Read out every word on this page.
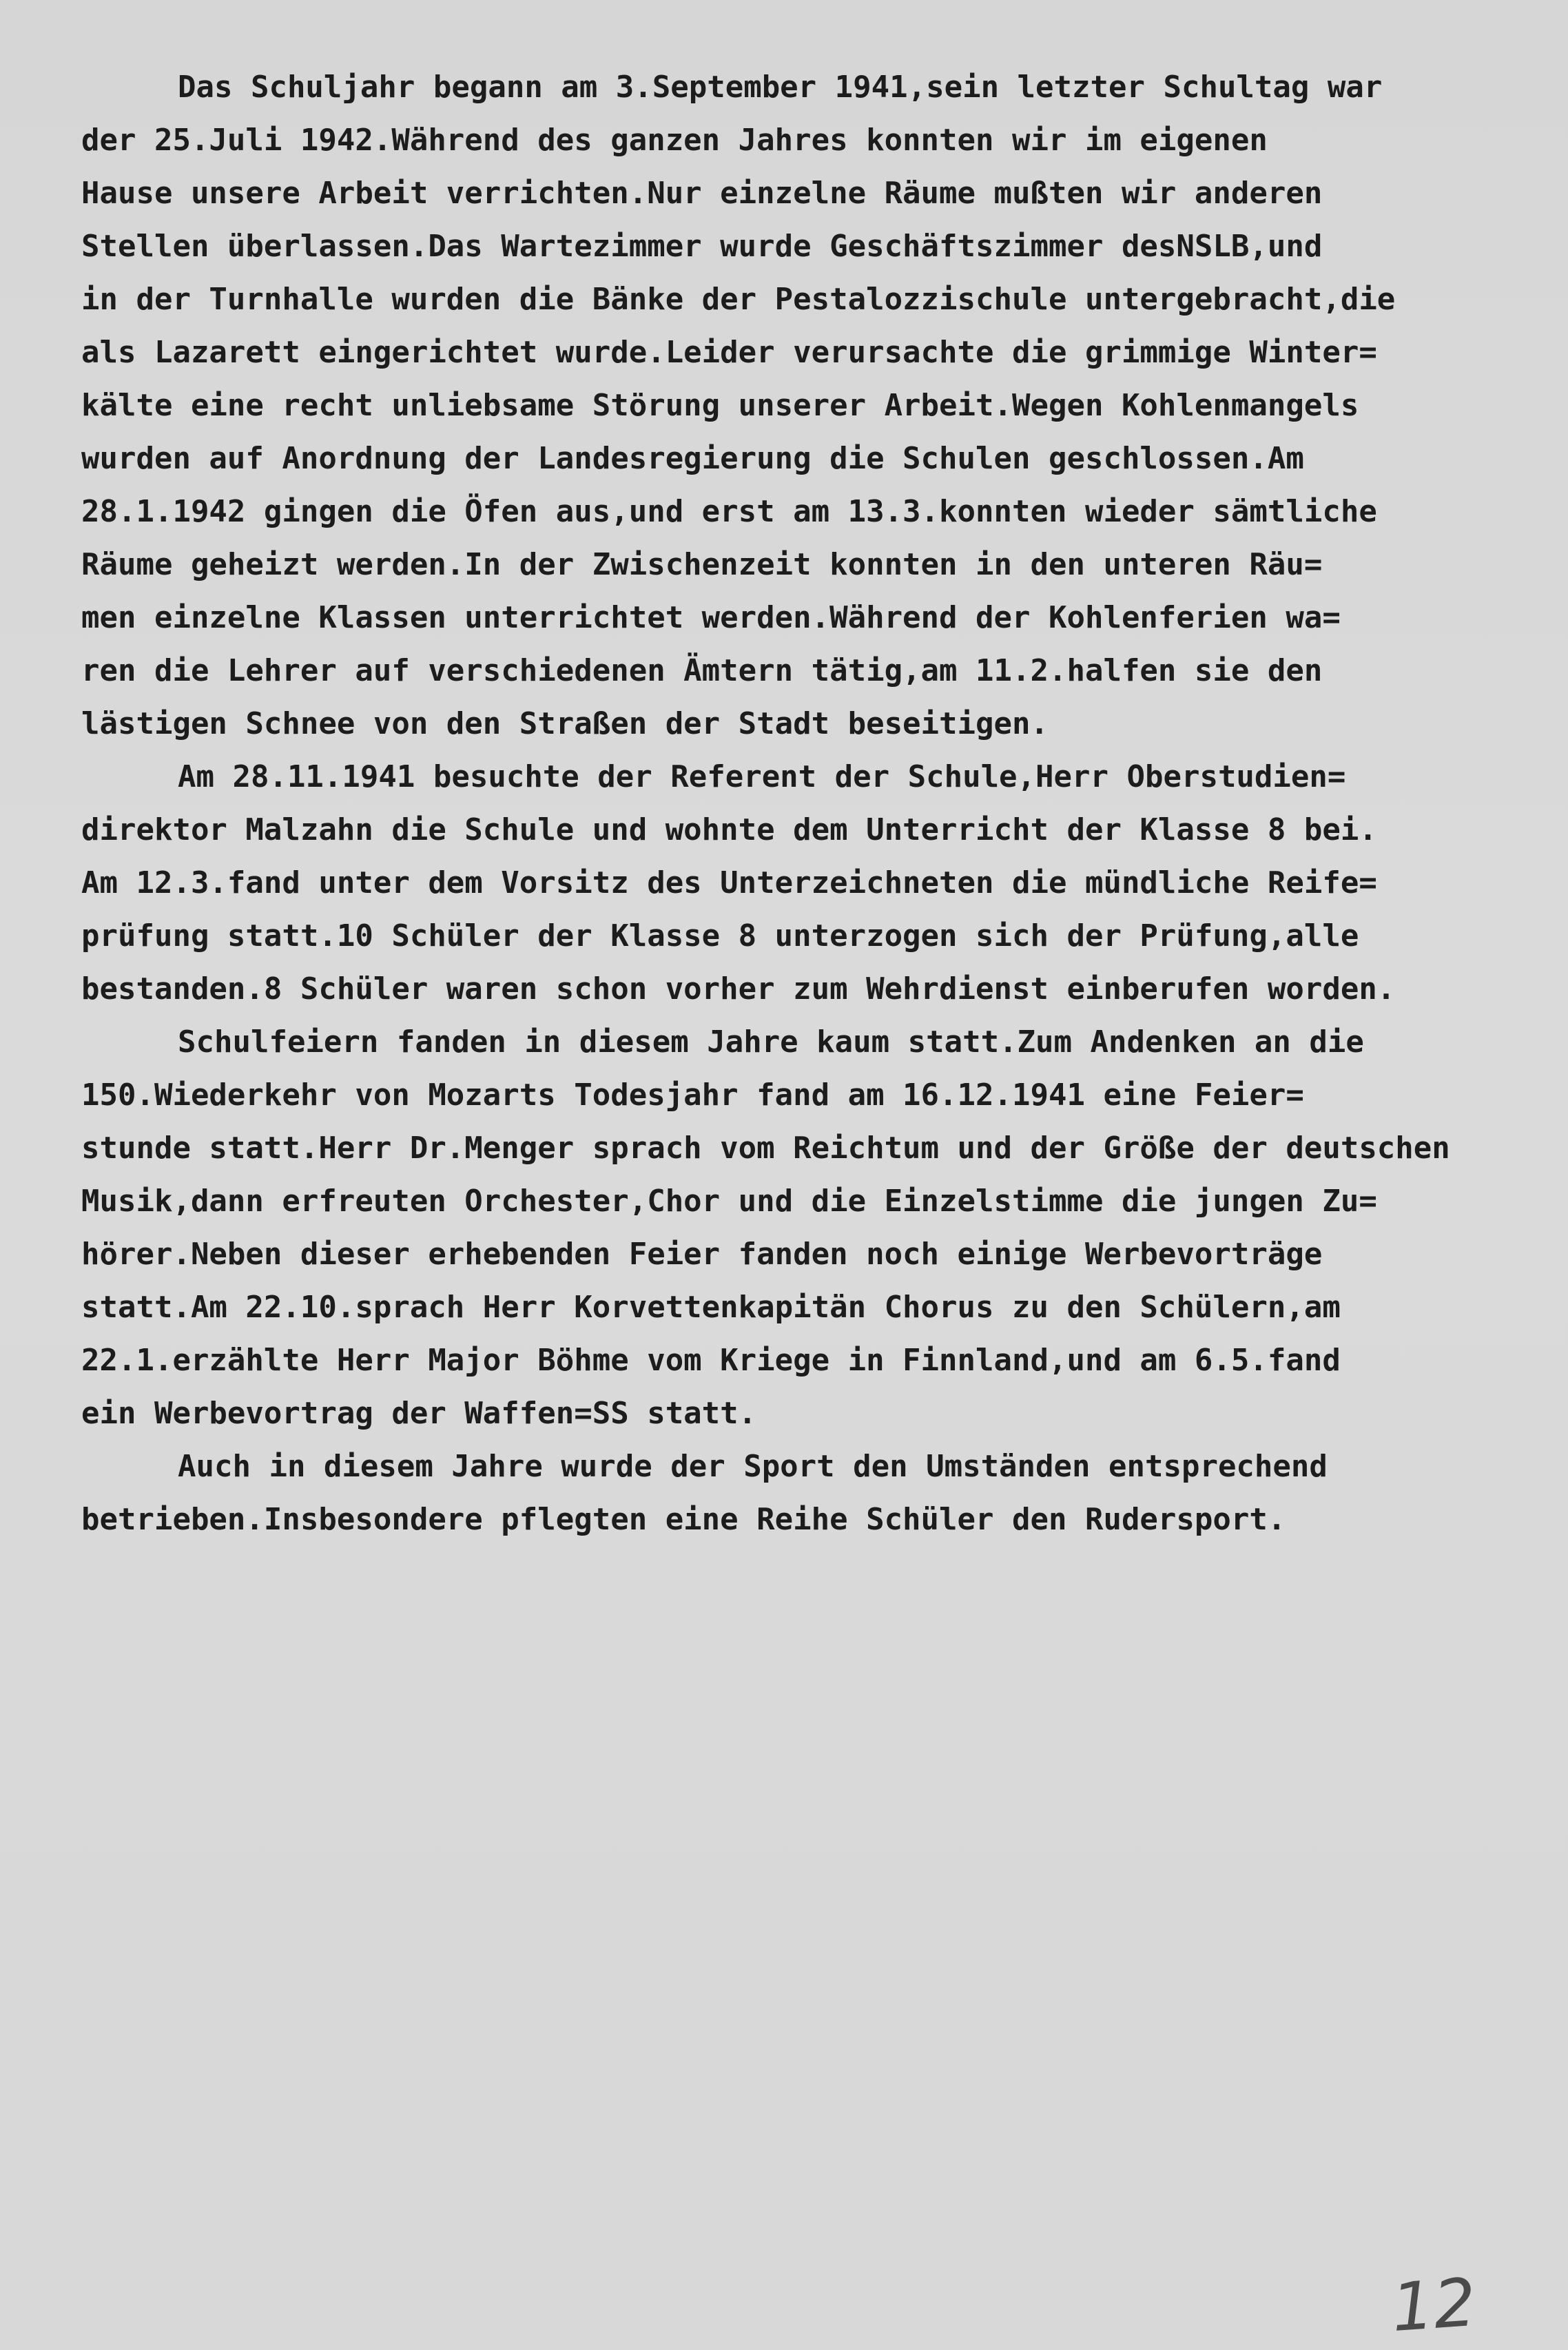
Das Schuljahr begann am 3.September 1941,sein letzter Schultag war
der 25.Juli 1942.Während des ganzen Jahres konnten wir im eigenen
Hause unsere Arbeit verrichten.Nur einzelne Räume mußten wir anderen
Stellen überlassen.Das Wartezimmer wurde Geschäftszimmer desNSLB,und
in der Turnhalle wurden die Bänke der Pestalozzischule untergebracht,die
als Lazarett eingerichtet wurde.Leider verursachte die grimmige Winter=
kälte eine recht unliebsame Störung unserer Arbeit.Wegen Kohlenmangels
wurden auf Anordnung der Landesregierung die Schulen geschlossen.Am
28.1.1942 gingen die Öfen aus,und erst am 13.3.konnten wieder sämtliche
Räume geheizt werden.In der Zwischenzeit konnten in den unteren Räu=
men einzelne Klassen unterrichtet werden.Während der Kohlenferien wa=
ren die Lehrer auf verschiedenen Ämtern tätig,am 11.2.halfen sie den
lästigen Schnee von den Straßen der Stadt beseitigen.
Am 28.11.1941 besuchte der Referent der Schule,Herr Oberstudien=
direktor Malzahn die Schule und wohnte dem Unterricht der Klasse 8 bei.
Am 12.3.fand unter dem Vorsitz des Unterzeichneten die mündliche Reife=
prüfung statt.10 Schüler der Klasse 8 unterzogen sich der Prüfung,alle
bestanden.8 Schüler waren schon vorher zum Wehrdienst einberufen worden.
Schulfeiern fanden in diesem Jahre kaum statt.Zum Andenken an die
150.Wiederkehr von Mozarts Todesjahr fand am 16.12.1941 eine Feier=
stunde statt.Herr Dr.Menger sprach vom Reichtum und der Größe der deutschen
Musik,dann erfreuten Orchester,Chor und die Einzelstimme die jungen Zu=
hörer.Neben dieser erhebenden Feier fanden noch einige Werbevorträge
statt.Am 22.10.sprach Herr Korvettenkapitän Chorus zu den Schülern,am
22.1.erzählte Herr Major Böhme vom Kriege in Finnland,und am 6.5.fand
ein Werbevortrag der Waffen=SS statt.
Auch in diesem Jahre wurde der Sport den Umständen entsprechend
betrieben.Insbesondere pflegten eine Reihe Schüler den Rudersport.
12
